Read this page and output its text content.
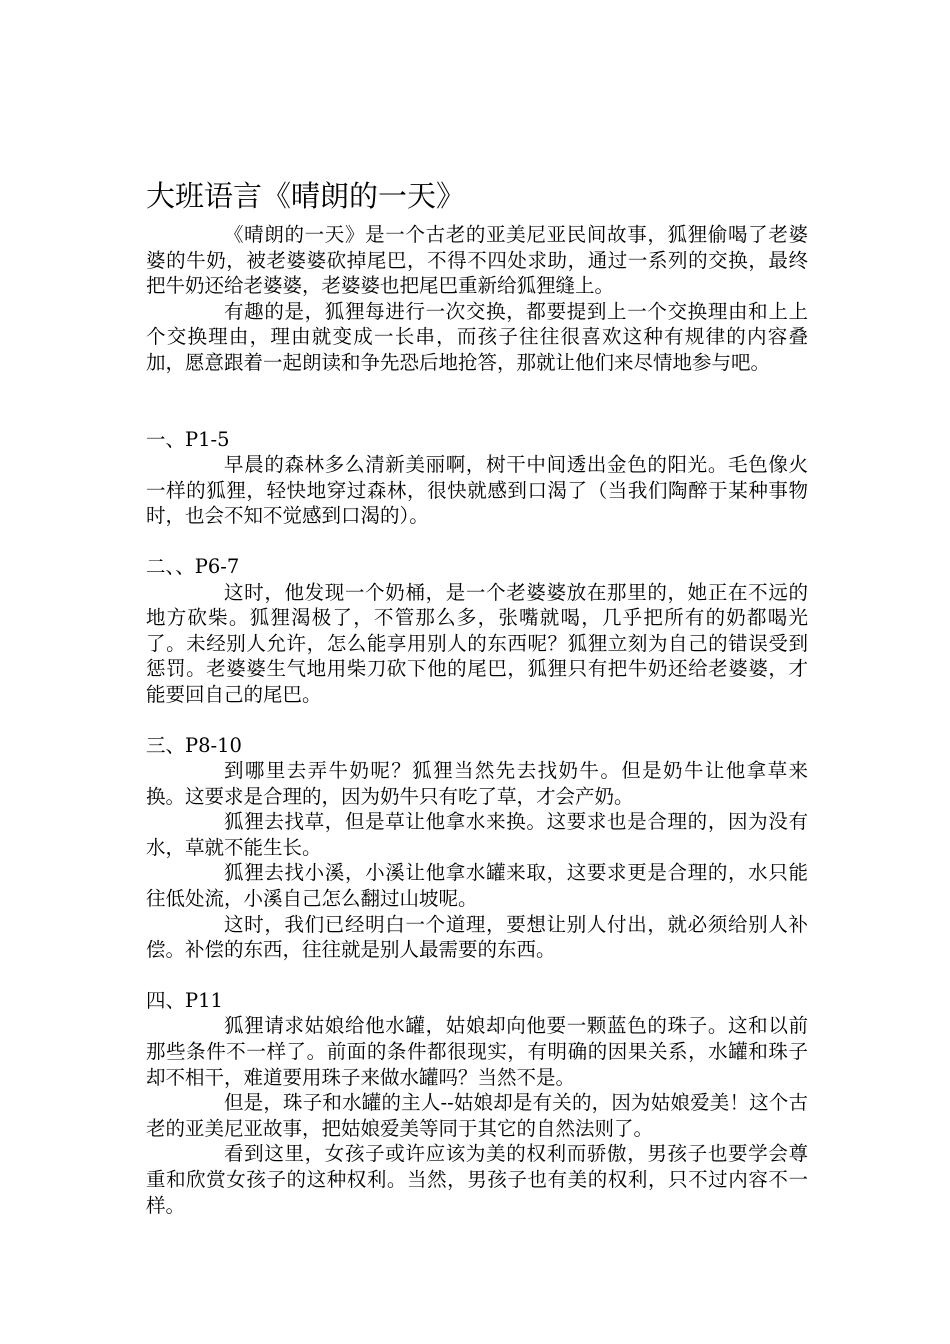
大班语言《晴朗的一天》

《晴朗的一天》是一个古老的亚美尼亚民间故事，狐狸偷喝了老婆婆的牛奶，被老婆婆砍掉尾巴，不得不四处求助，通过一系列的交换，最终把牛奶还给老婆婆，老婆婆也把尾巴重新给狐狸缝上。

有趣的是，狐狸每进行一次交换，都要提到上一个交换理由和上上个交换理由，理由就变成一长串，而孩子往往很喜欢这种有规律的内容叠加，愿意跟着一起朗读和争先恐后地抢答，那就让他们来尽情地参与吧。

一、P1-5

早晨的森林多么清新美丽啊，树干中间透出金色的阳光。毛色像火一样的狐狸，轻快地穿过森林，很快就感到口渴了（当我们陶醉于某种事物时，也会不知不觉感到口渴的）。

二、、P6-7

这时，他发现一个奶桶，是一个老婆婆放在那里的，她正在不远的地方砍柴。狐狸渴极了，不管那么多，张嘴就喝，几乎把所有的奶都喝光了。未经别人允许，怎么能享用别人的东西呢？狐狸立刻为自己的错误受到惩罚。老婆婆生气地用柴刀砍下他的尾巴，狐狸只有把牛奶还给老婆婆，才能要回自己的尾巴。

三、P8-10

到哪里去弄牛奶呢？狐狸当然先去找奶牛。但是奶牛让他拿草来换。这要求是合理的，因为奶牛只有吃了草，才会产奶。

狐狸去找草，但是草让他拿水来换。这要求也是合理的，因为没有水，草就不能生长。

狐狸去找小溪，小溪让他拿水罐来取，这要求更是合理的，水只能往低处流，小溪自己怎么翻过山坡呢。

这时，我们已经明白一个道理，要想让别人付出，就必须给别人补偿。补偿的东西，往往就是别人最需要的东西。

四、P11

狐狸请求姑娘给他水罐，姑娘却向他要一颗蓝色的珠子。这和以前那些条件不一样了。前面的条件都很现实，有明确的因果关系，水罐和珠子却不相干，难道要用珠子来做水罐吗？当然不是。

但是，珠子和水罐的主人--姑娘却是有关的，因为姑娘爱美！这个古老的亚美尼亚故事，把姑娘爱美等同于其它的自然法则了。

看到这里，女孩子或许应该为美的权利而骄傲，男孩子也要学会尊重和欣赏女孩子的这种权利。当然，男孩子也有美的权利，只不过内容不一样。
